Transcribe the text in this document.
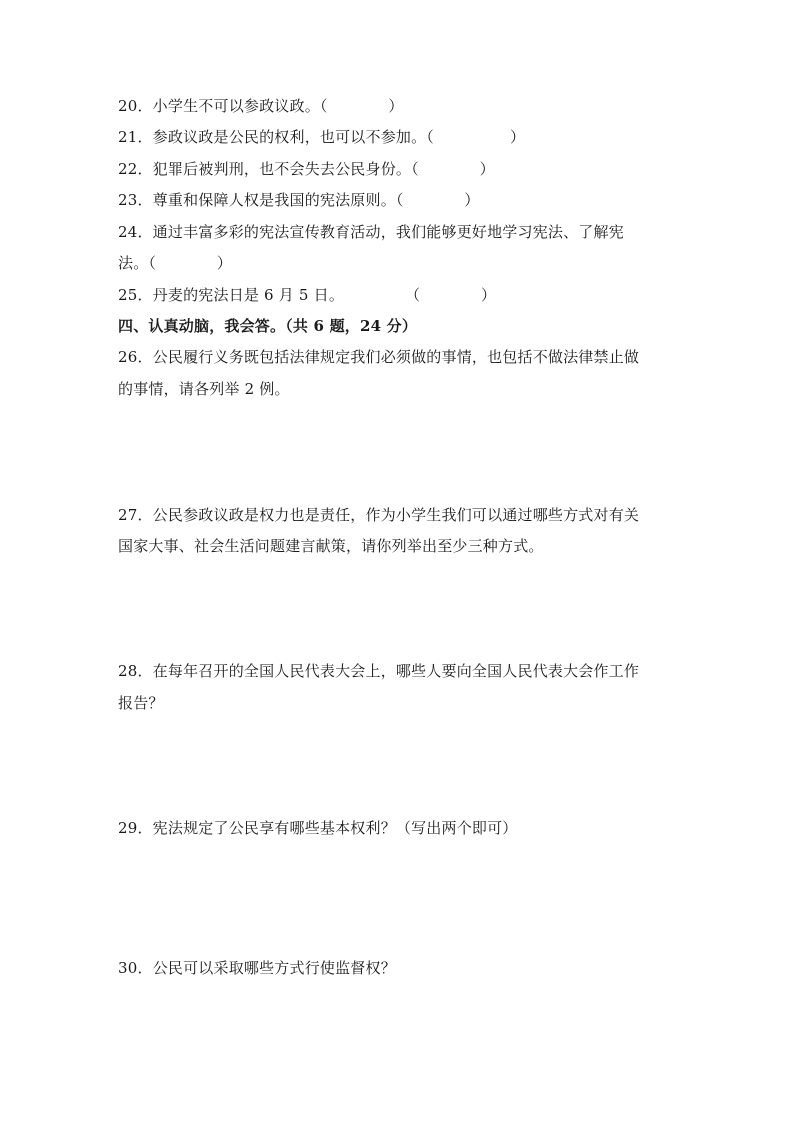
20．小学生不可以参政议政。（　　　　）
21．参政议政是公民的权利，也可以不参加。（　　　　　）
22．犯罪后被判刑，也不会失去公民身份。（　　　　）
23．尊重和保障人权是我国的宪法原则。（　　　　）
24．通过丰富多彩的宪法宣传教育活动，我们能够更好地学习宪法、了解宪
法。（　　　　）
25．丹麦的宪法日是 6 月 5 日。　　　　　（　　　　）
四、认真动脑，我会答。（共 6 题，24 分）
26．公民履行义务既包括法律规定我们必须做的事情，也包括不做法律禁止做
的事情，请各列举 2 例。
27．公民参政议政是权力也是责任，作为小学生我们可以通过哪些方式对有关
国家大事、社会生活问题建言献策，请你列举出至少三种方式。
28．在每年召开的全国人民代表大会上，哪些人要向全国人民代表大会作工作
报告？
29．宪法规定了公民享有哪些基本权利？（写出两个即可）
30．公民可以采取哪些方式行使监督权？
